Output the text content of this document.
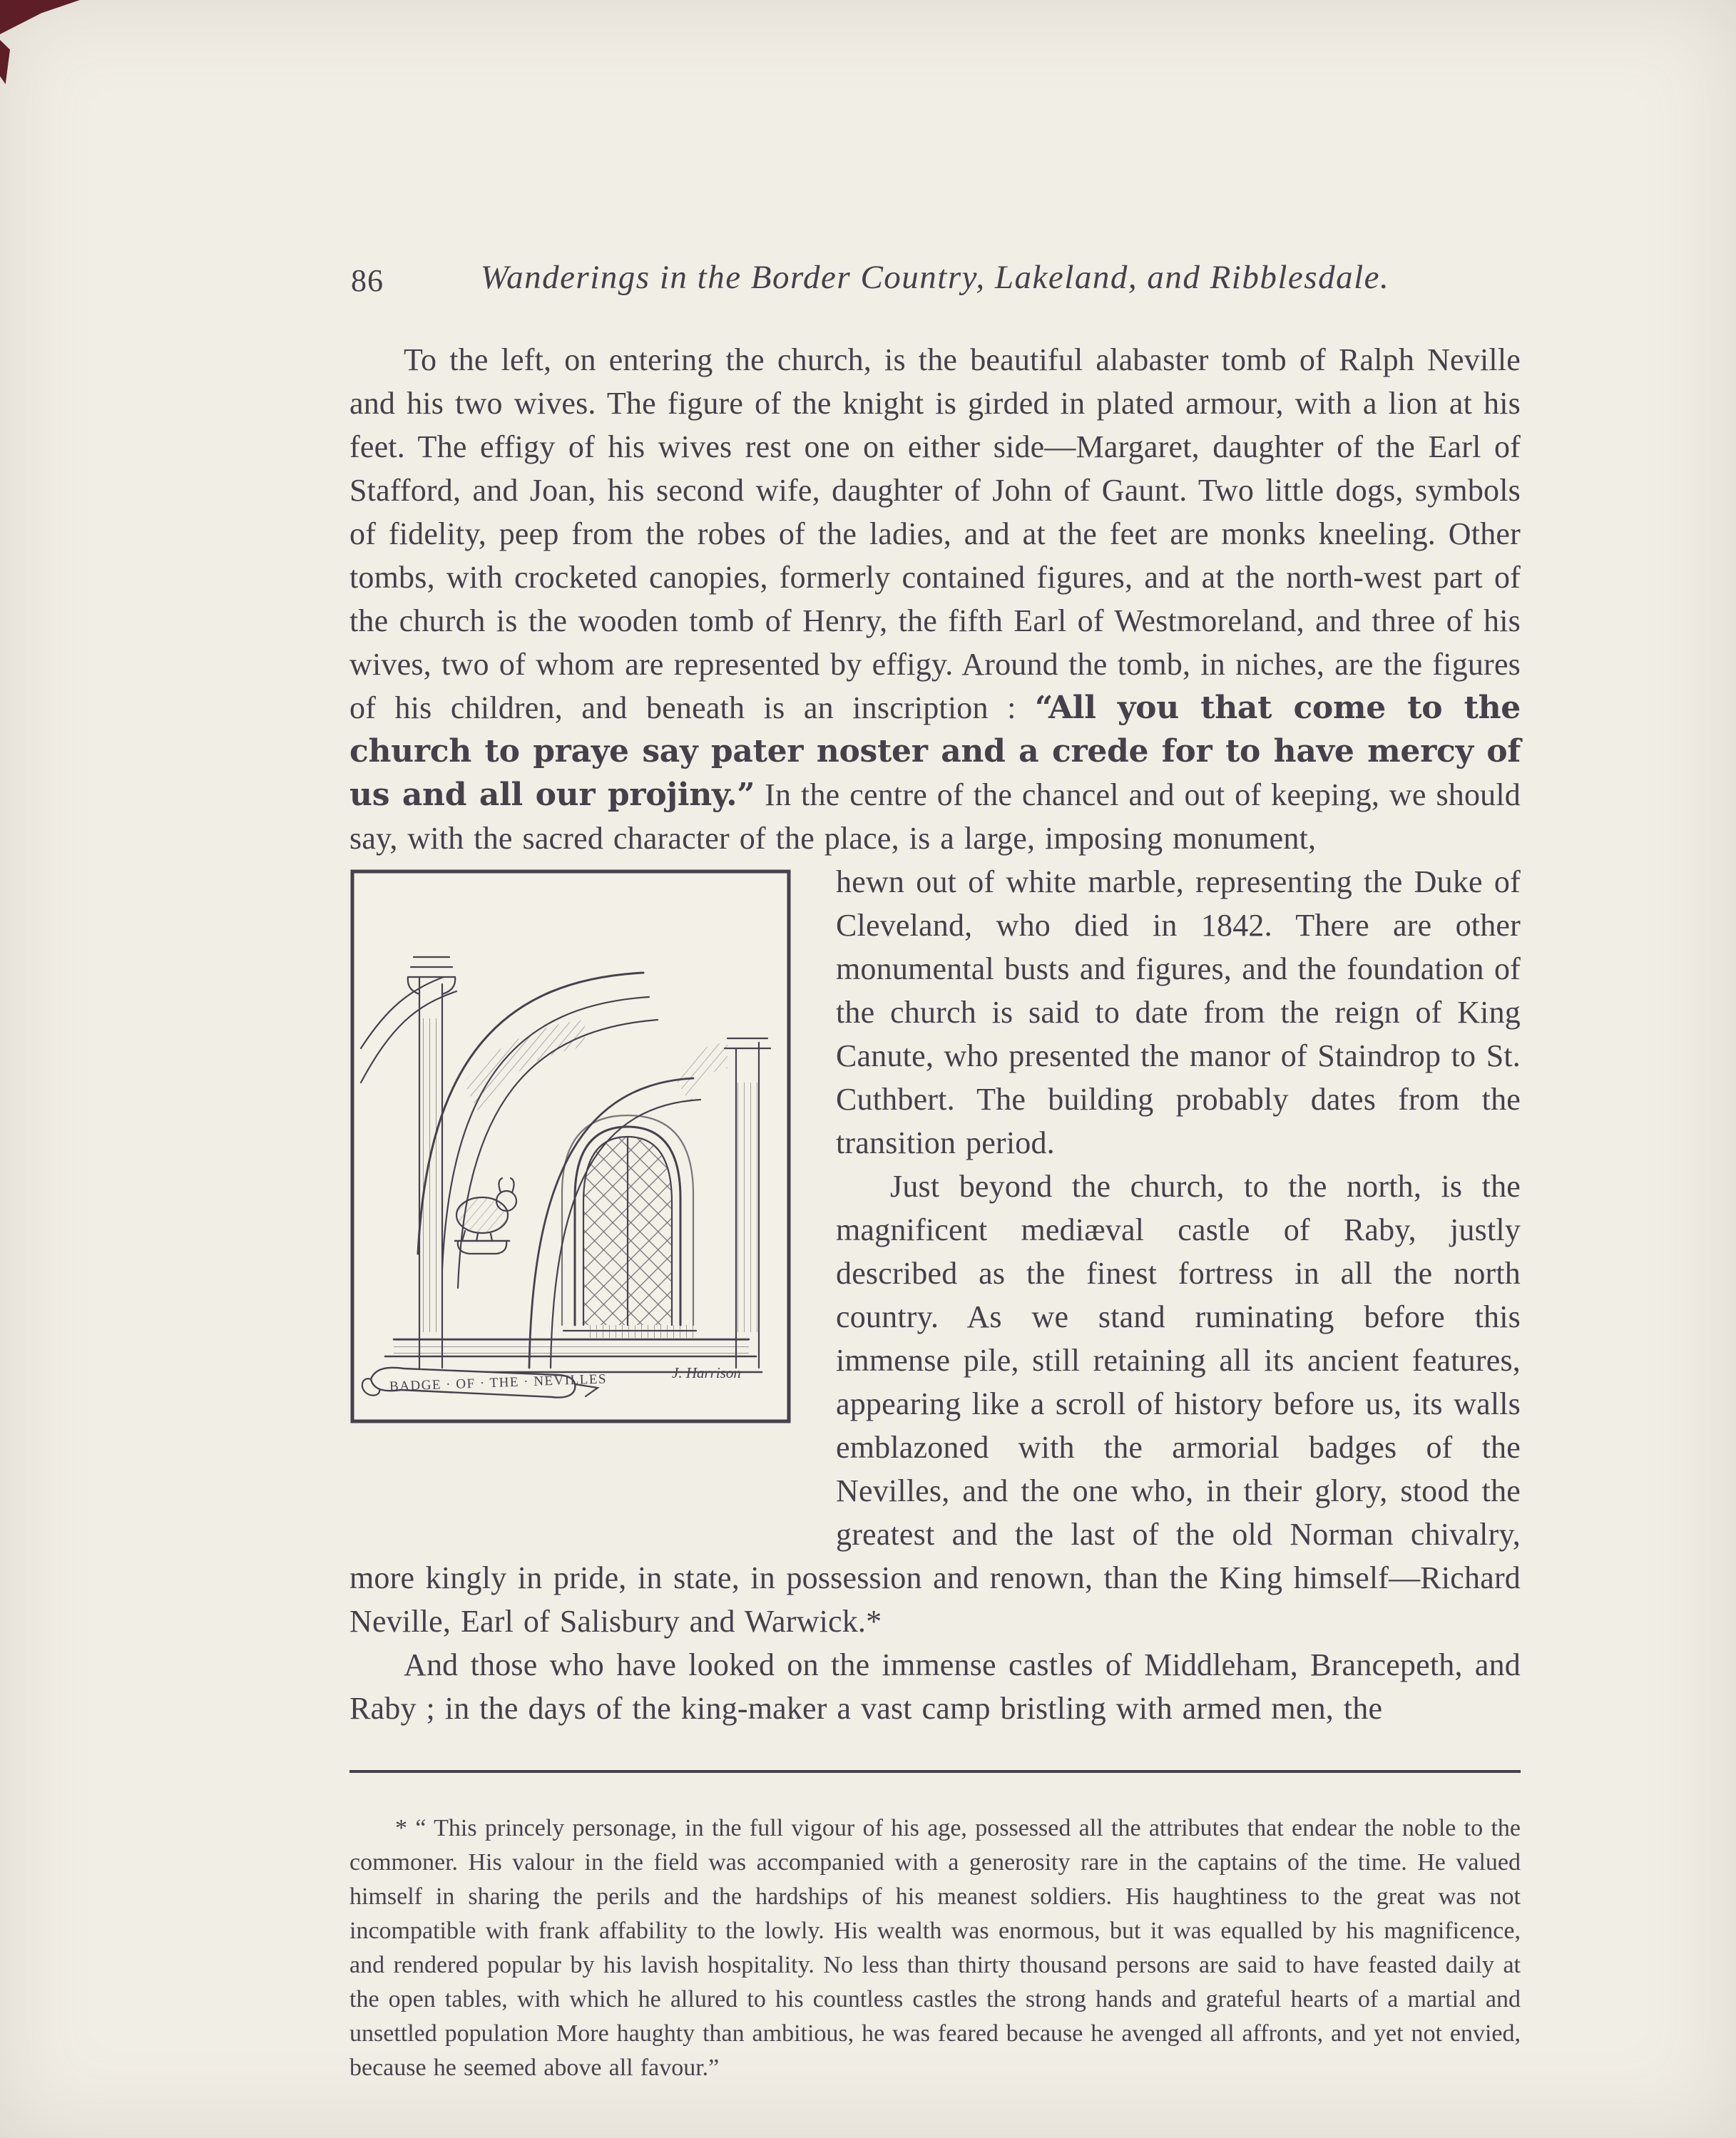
86	Wanderings in the Border Country, Lakeland, and Ribblesdale.

To the left, on entering the church, is the beautiful alabaster tomb of Ralph Neville and his two wives. The figure of the knight is girded in plated armour, with a lion at his feet. The effigy of his wives rest one on either side—Margaret, daughter of the Earl of Stafford, and Joan, his second wife, daughter of John of Gaunt. Two little dogs, symbols of fidelity, peep from the robes of the ladies, and at the feet are monks kneeling. Other tombs, with crocketed canopies, formerly contained figures, and at the north-west part of the church is the wooden tomb of Henry, the fifth Earl of Westmoreland, and three of his wives, two of whom are represented by effigy. Around the tomb, in niches, are the figures of his children, and beneath is an inscription : “All you that come to the church to praye say pater noster and a crede for to have mercy of us and all our projiny.” In the centre of the chancel and out of keeping, we should say, with the sacred character of the place, is a large, imposing monument,

BADGE · OF · THE · NEVILLES	J. Harrison

hewn out of white marble, representing the Duke of Cleveland, who died in 1842. There are other monumental busts and figures, and the foundation of the church is said to date from the reign of King Canute, who presented the manor of Staindrop to St. Cuthbert. The building probably dates from the transition period.

Just beyond the church, to the north, is the magnificent mediæval castle of Raby, justly described as the finest fortress in all the north country. As we stand ruminating before this immense pile, still retaining all its ancient features, appearing like a scroll of history before us, its walls emblazoned with the armorial badges of the Nevilles, and the one who, in their glory, stood the greatest and the last of the old Norman chivalry, more kingly in pride, in state, in possession and renown, than the King himself—Richard Neville, Earl of Salisbury and Warwick.*

And those who have looked on the immense castles of Middleham, Brancepeth, and Raby ; in the days of the king-maker a vast camp bristling with armed men, the

* “ This princely personage, in the full vigour of his age, possessed all the attributes that endear the noble to the commoner. His valour in the field was accompanied with a generosity rare in the captains of the time. He valued himself in sharing the perils and the hardships of his meanest soldiers. His haughtiness to the great was not incompatible with frank affability to the lowly. His wealth was enormous, but it was equalled by his magnificence, and rendered popular by his lavish hospitality. No less than thirty thousand persons are said to have feasted daily at the open tables, with which he allured to his countless castles the strong hands and grateful hearts of a martial and unsettled population More haughty than ambitious, he was feared because he avenged all affronts, and yet not envied, because he seemed above all favour.”
